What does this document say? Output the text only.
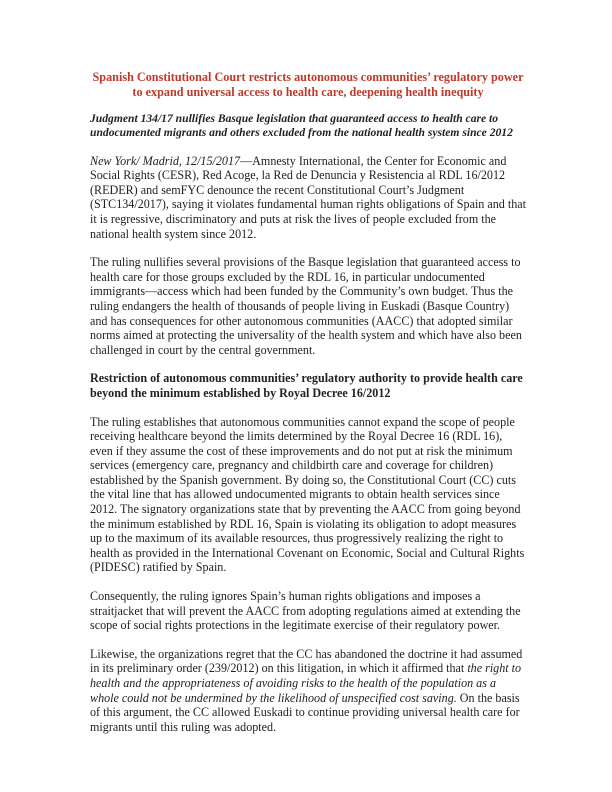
Spanish Constitutional Court restricts autonomous communities’ regulatory power
to expand universal access to health care, deepening health inequity
Judgment 134/17 nullifies Basque legislation that guaranteed access to health care to undocumented migrants and others excluded from the national health system since 2012

New York/ Madrid, 12/15/2017—Amnesty International, the Center for Economic and Social Rights (CESR), Red Acoge, la Red de Denuncia y Resistencia al RDL 16/2012 (REDER) and semFYC denounce the recent Constitutional Court’s Judgment (STC134/2017), saying it violates fundamental human rights obligations of Spain and that it is regressive, discriminatory and puts at risk the lives of people excluded from the national health system since 2012.

The ruling nullifies several provisions of the Basque legislation that guaranteed access to health care for those groups excluded by the RDL 16, in particular undocumented immigrants—access which had been funded by the Community’s own budget. Thus the ruling endangers the health of thousands of people living in Euskadi (Basque Country) and has consequences for other autonomous communities (AACC) that adopted similar norms aimed at protecting the universality of the health system and which have also been challenged in court by the central government.

Restriction of autonomous communities’ regulatory authority to provide health care beyond the minimum established by Royal Decree 16/2012

The ruling establishes that autonomous communities cannot expand the scope of people receiving healthcare beyond the limits determined by the Royal Decree 16 (RDL 16), even if they assume the cost of these improvements and do not put at risk the minimum services (emergency care, pregnancy and childbirth care and coverage for children) established by the Spanish government. By doing so, the Constitutional Court (CC) cuts the vital line that has allowed undocumented migrants to obtain health services since 2012. The signatory organizations state that by preventing the AACC from going beyond the minimum established by RDL 16, Spain is violating its obligation to adopt measures up to the maximum of its available resources, thus progressively realizing the right to health as provided in the International Covenant on Economic, Social and Cultural Rights (PIDESC) ratified by Spain.

Consequently, the ruling ignores Spain’s human rights obligations and imposes a straitjacket that will prevent the AACC from adopting regulations aimed at extending the scope of social rights protections in the legitimate exercise of their regulatory power.

Likewise, the organizations regret that the CC has abandoned the doctrine it had assumed in its preliminary order (239/2012) on this litigation, in which it affirmed that the right to health and the appropriateness of avoiding risks to the health of the population as a whole could not be undermined by the likelihood of unspecified cost saving. On the basis of this argument, the CC allowed Euskadi to continue providing universal health care for migrants until this ruling was adopted.
